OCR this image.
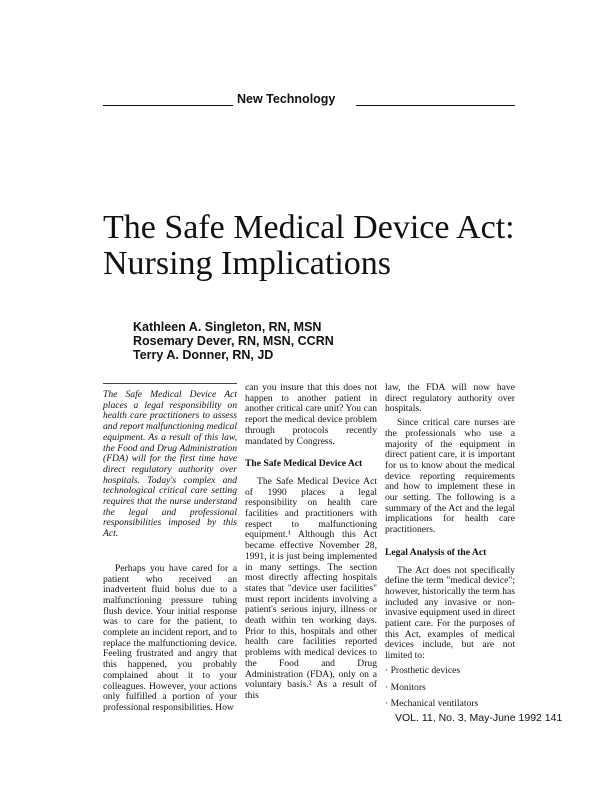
New Technology
The Safe Medical Device Act: Nursing Implications
Kathleen A. Singleton, RN, MSN
Rosemary Dever, RN, MSN, CCRN
Terry A. Donner, RN, JD

The Safe Medical Device Act places a legal responsibility on health care practitioners to assess and report malfunctioning medical equipment. As a result of this law, the Food and Drug Administration (FDA) will for the first time have direct regulatory authority over hospitals. Today's complex and technological critical care setting requires that the nurse understand the legal and professional responsibilities imposed by this Act.

Perhaps you have cared for a patient who received an inadvertent fluid bolus due to a malfunctioning pressure tubing flush device. Your initial response was to care for the patient, to complete an incident report, and to replace the malfunctioning device. Feeling frustrated and angry that this happened, you probably complained about it to your colleagues. However, your actions only fulfilled a portion of your professional responsibilities. How

can you insure that this does not happen to another patient in another critical care unit? You can report the medical device problem through protocols recently mandated by Congress.

The Safe Medical Device Act

The Safe Medical Device Act of 1990 places a legal responsibility on health care facilities and practitioners with respect to malfunctioning equipment.¹ Although this Act became effective November 28, 1991, it is just being implemented in many settings. The section most directly affecting hospitals states that "device user facilities" must report incidents involving a patient's serious injury, illness or death within ten working days. Prior to this, hospitals and other health care facilities reported problems with medical devices to the Food and Drug Administration (FDA), only on a voluntary basis.² As a result of this

law, the FDA will now have direct regulatory authority over hospitals.

Since critical care nurses are the professionals who use a majority of the equipment in direct patient care, it is important for us to know about the medical device reporting requirements and how to implement these in our setting. The following is a summary of the Act and the legal implications for health care practitioners.

Legal Analysis of the Act

The Act does not specifically define the term "medical device"; however, historically the term has included any invasive or non-invasive equipment used in direct patient care. For the purposes of this Act, examples of medical devices include, but are not limited to:

· Prosthetic devices
· Monitors
· Mechanical ventilators
VOL. 11, No. 3, May-June 1992 141
